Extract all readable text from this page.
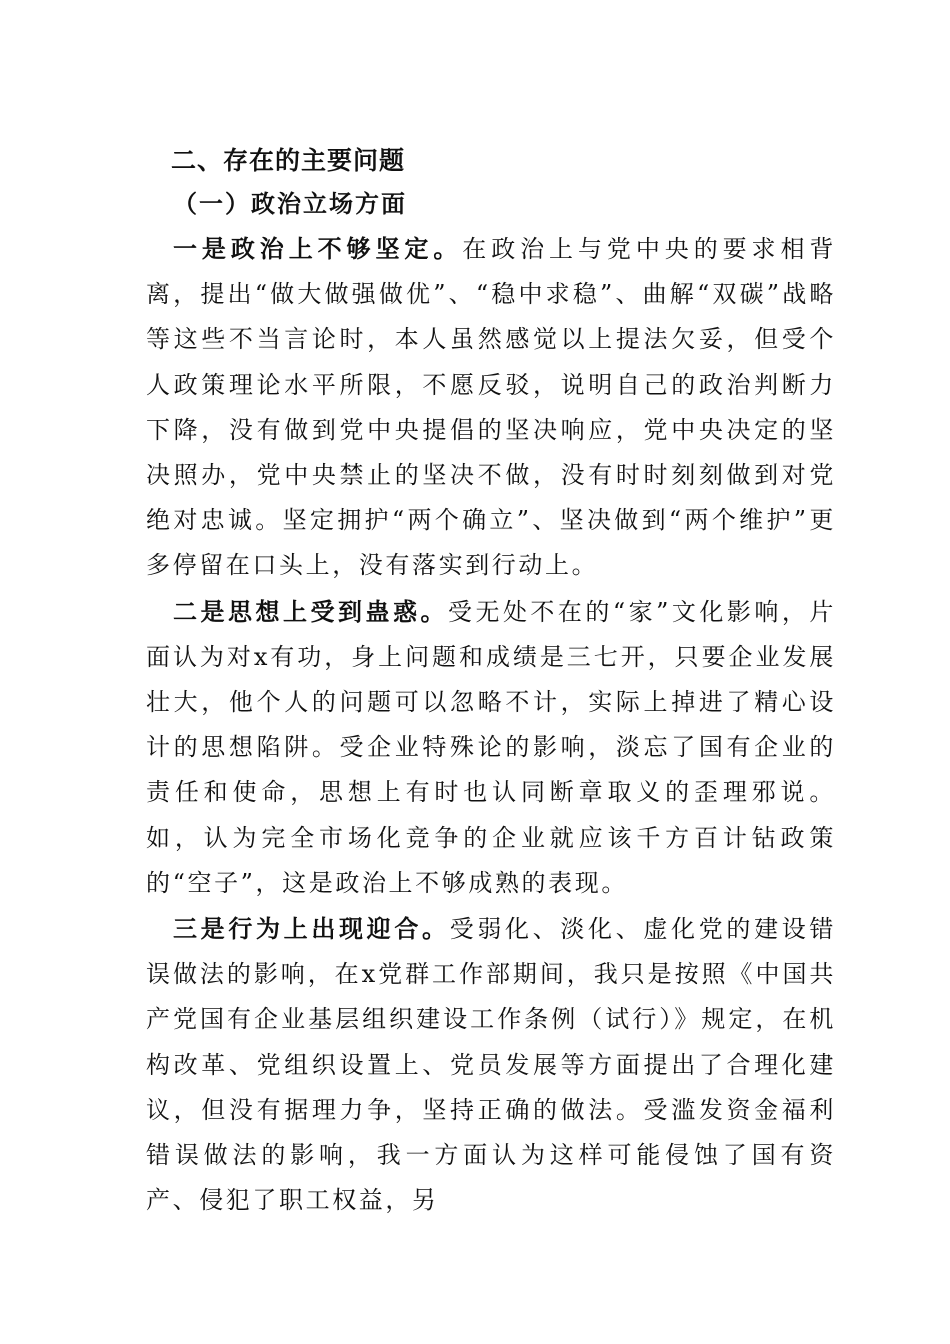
二、存在的主要问题
（一）政治立场方面

一是政治上不够坚定。在政治上与党中央的要求相背离，提出“做大做强做优”、“稳中求稳”、曲解“双碳”战略等这些不当言论时，本人虽然感觉以上提法欠妥，但受个人政策理论水平所限，不愿反驳，说明自己的政治判断力下降，没有做到党中央提倡的坚决响应，党中央决定的坚决照办，党中央禁止的坚决不做，没有时时刻刻做到对党绝对忠诚。坚定拥护“两个确立”、坚决做到“两个维护”更多停留在口头上，没有落实到行动上。

二是思想上受到蛊惑。受无处不在的“家”文化影响，片面认为对x有功，身上问题和成绩是三七开，只要企业发展壮大，他个人的问题可以忽略不计，实际上掉进了精心设计的思想陷阱。受企业特殊论的影响，淡忘了国有企业的责任和使命，思想上有时也认同断章取义的歪理邪说。如，认为完全市场化竞争的企业就应该千方百计钻政策的“空子”，这是政治上不够成熟的表现。

三是行为上出现迎合。受弱化、淡化、虚化党的建设错误做法的影响，在x党群工作部期间，我只是按照《中国共产党国有企业基层组织建设工作条例（试行）》规定，在机构改革、党组织设置上、党员发展等方面提出了合理化建议，但没有据理力争，坚持正确的做法。受滥发资金福利错误做法的影响，我一方面认为这样可能侵蚀了国有资产、侵犯了职工权益，另
